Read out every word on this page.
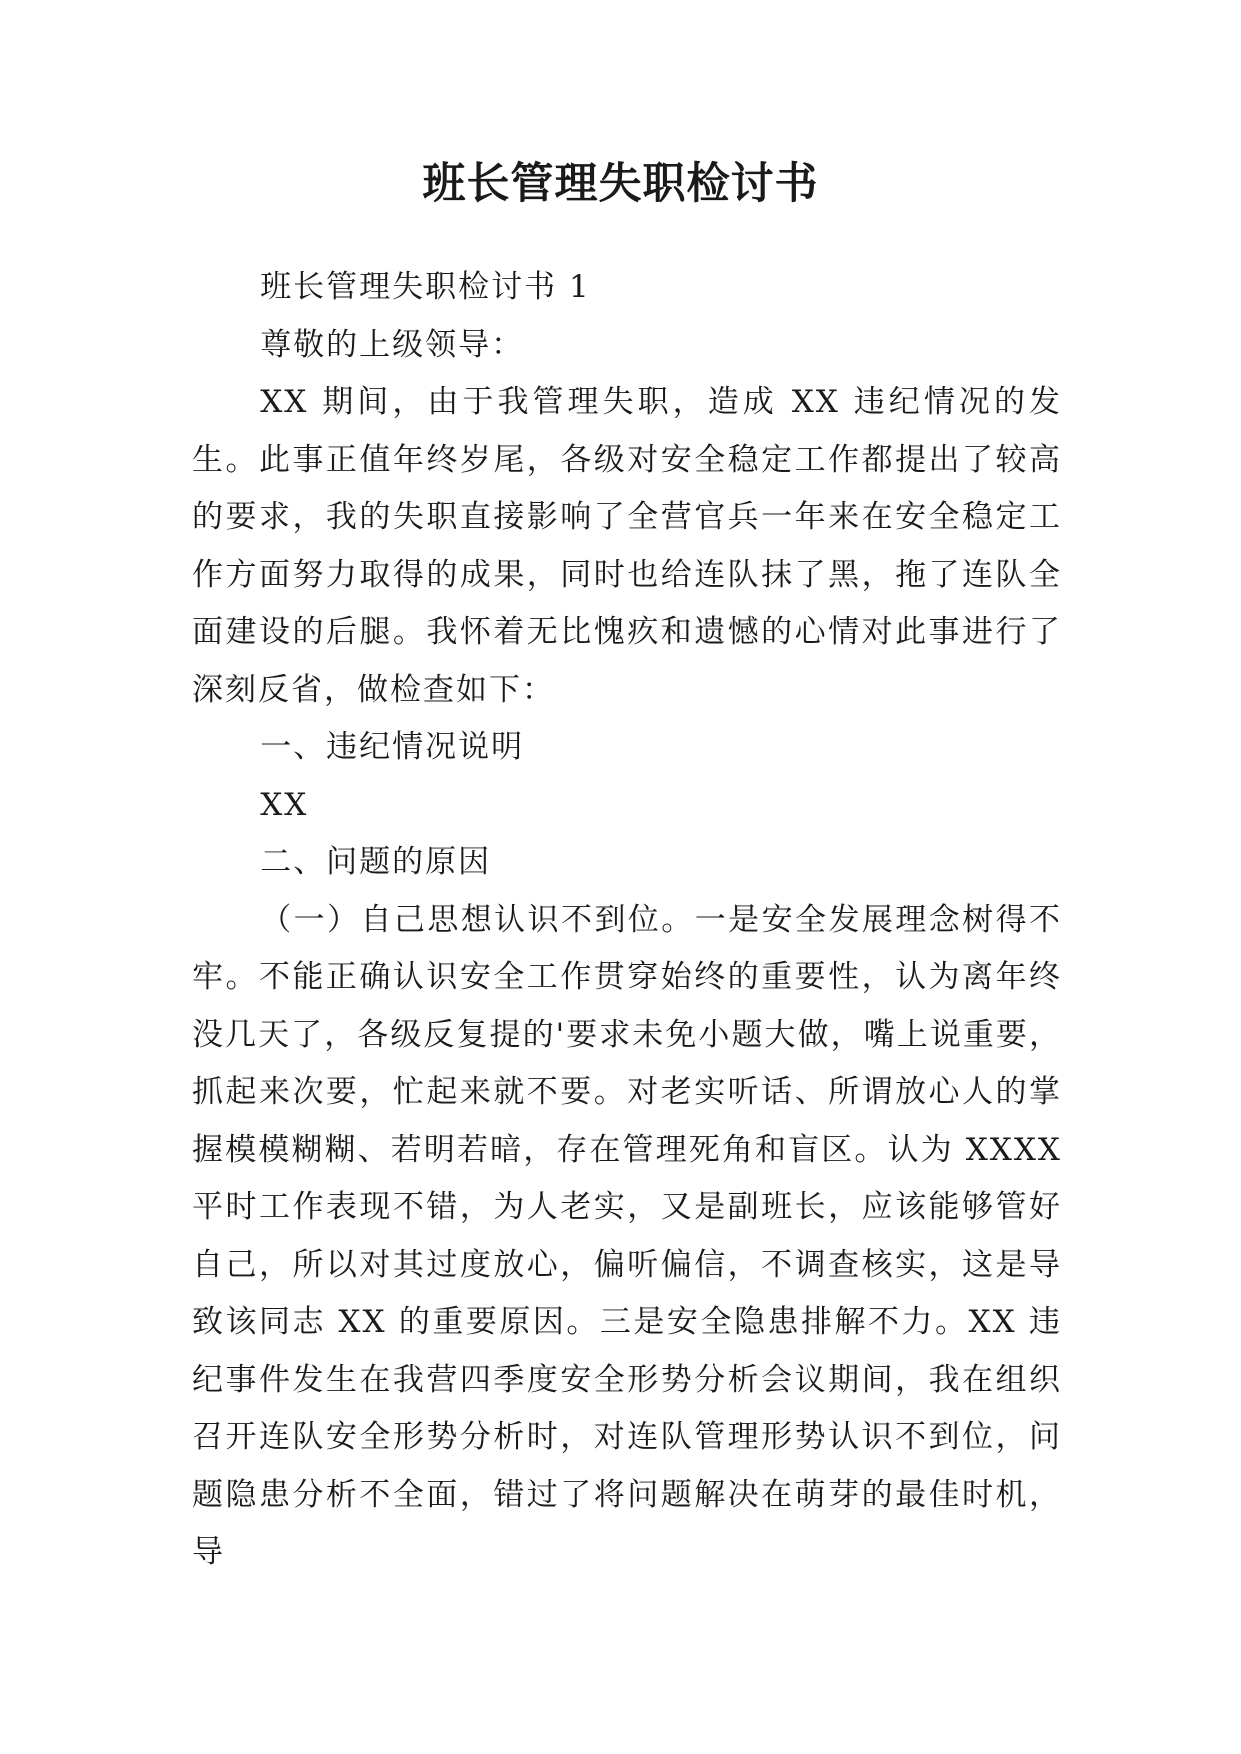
班长管理失职检讨书

班长管理失职检讨书 1

尊敬的上级领导：

XX 期间，由于我管理失职，造成 XX 违纪情况的发生。此事正值年终岁尾，各级对安全稳定工作都提出了较高的要求，我的失职直接影响了全营官兵一年来在安全稳定工作方面努力取得的成果，同时也给连队抹了黑，拖了连队全面建设的后腿。我怀着无比愧疚和遗憾的心情对此事进行了深刻反省，做检查如下：

一、违纪情况说明

XX

二、问题的原因

（一）自己思想认识不到位。一是安全发展理念树得不牢。不能正确认识安全工作贯穿始终的重要性，认为离年终没几天了，各级反复提的'要求未免小题大做，嘴上说重要，抓起来次要，忙起来就不要。对老实听话、所谓放心人的掌握模模糊糊、若明若暗，存在管理死角和盲区。认为 XXXX 平时工作表现不错，为人老实，又是副班长，应该能够管好自己，所以对其过度放心，偏听偏信，不调查核实，这是导致该同志 XX 的重要原因。三是安全隐患排解不力。XX 违纪事件发生在我营四季度安全形势分析会议期间，我在组织召开连队安全形势分析时，对连队管理形势认识不到位，问题隐患分析不全面，错过了将问题解决在萌芽的最佳时机，导
